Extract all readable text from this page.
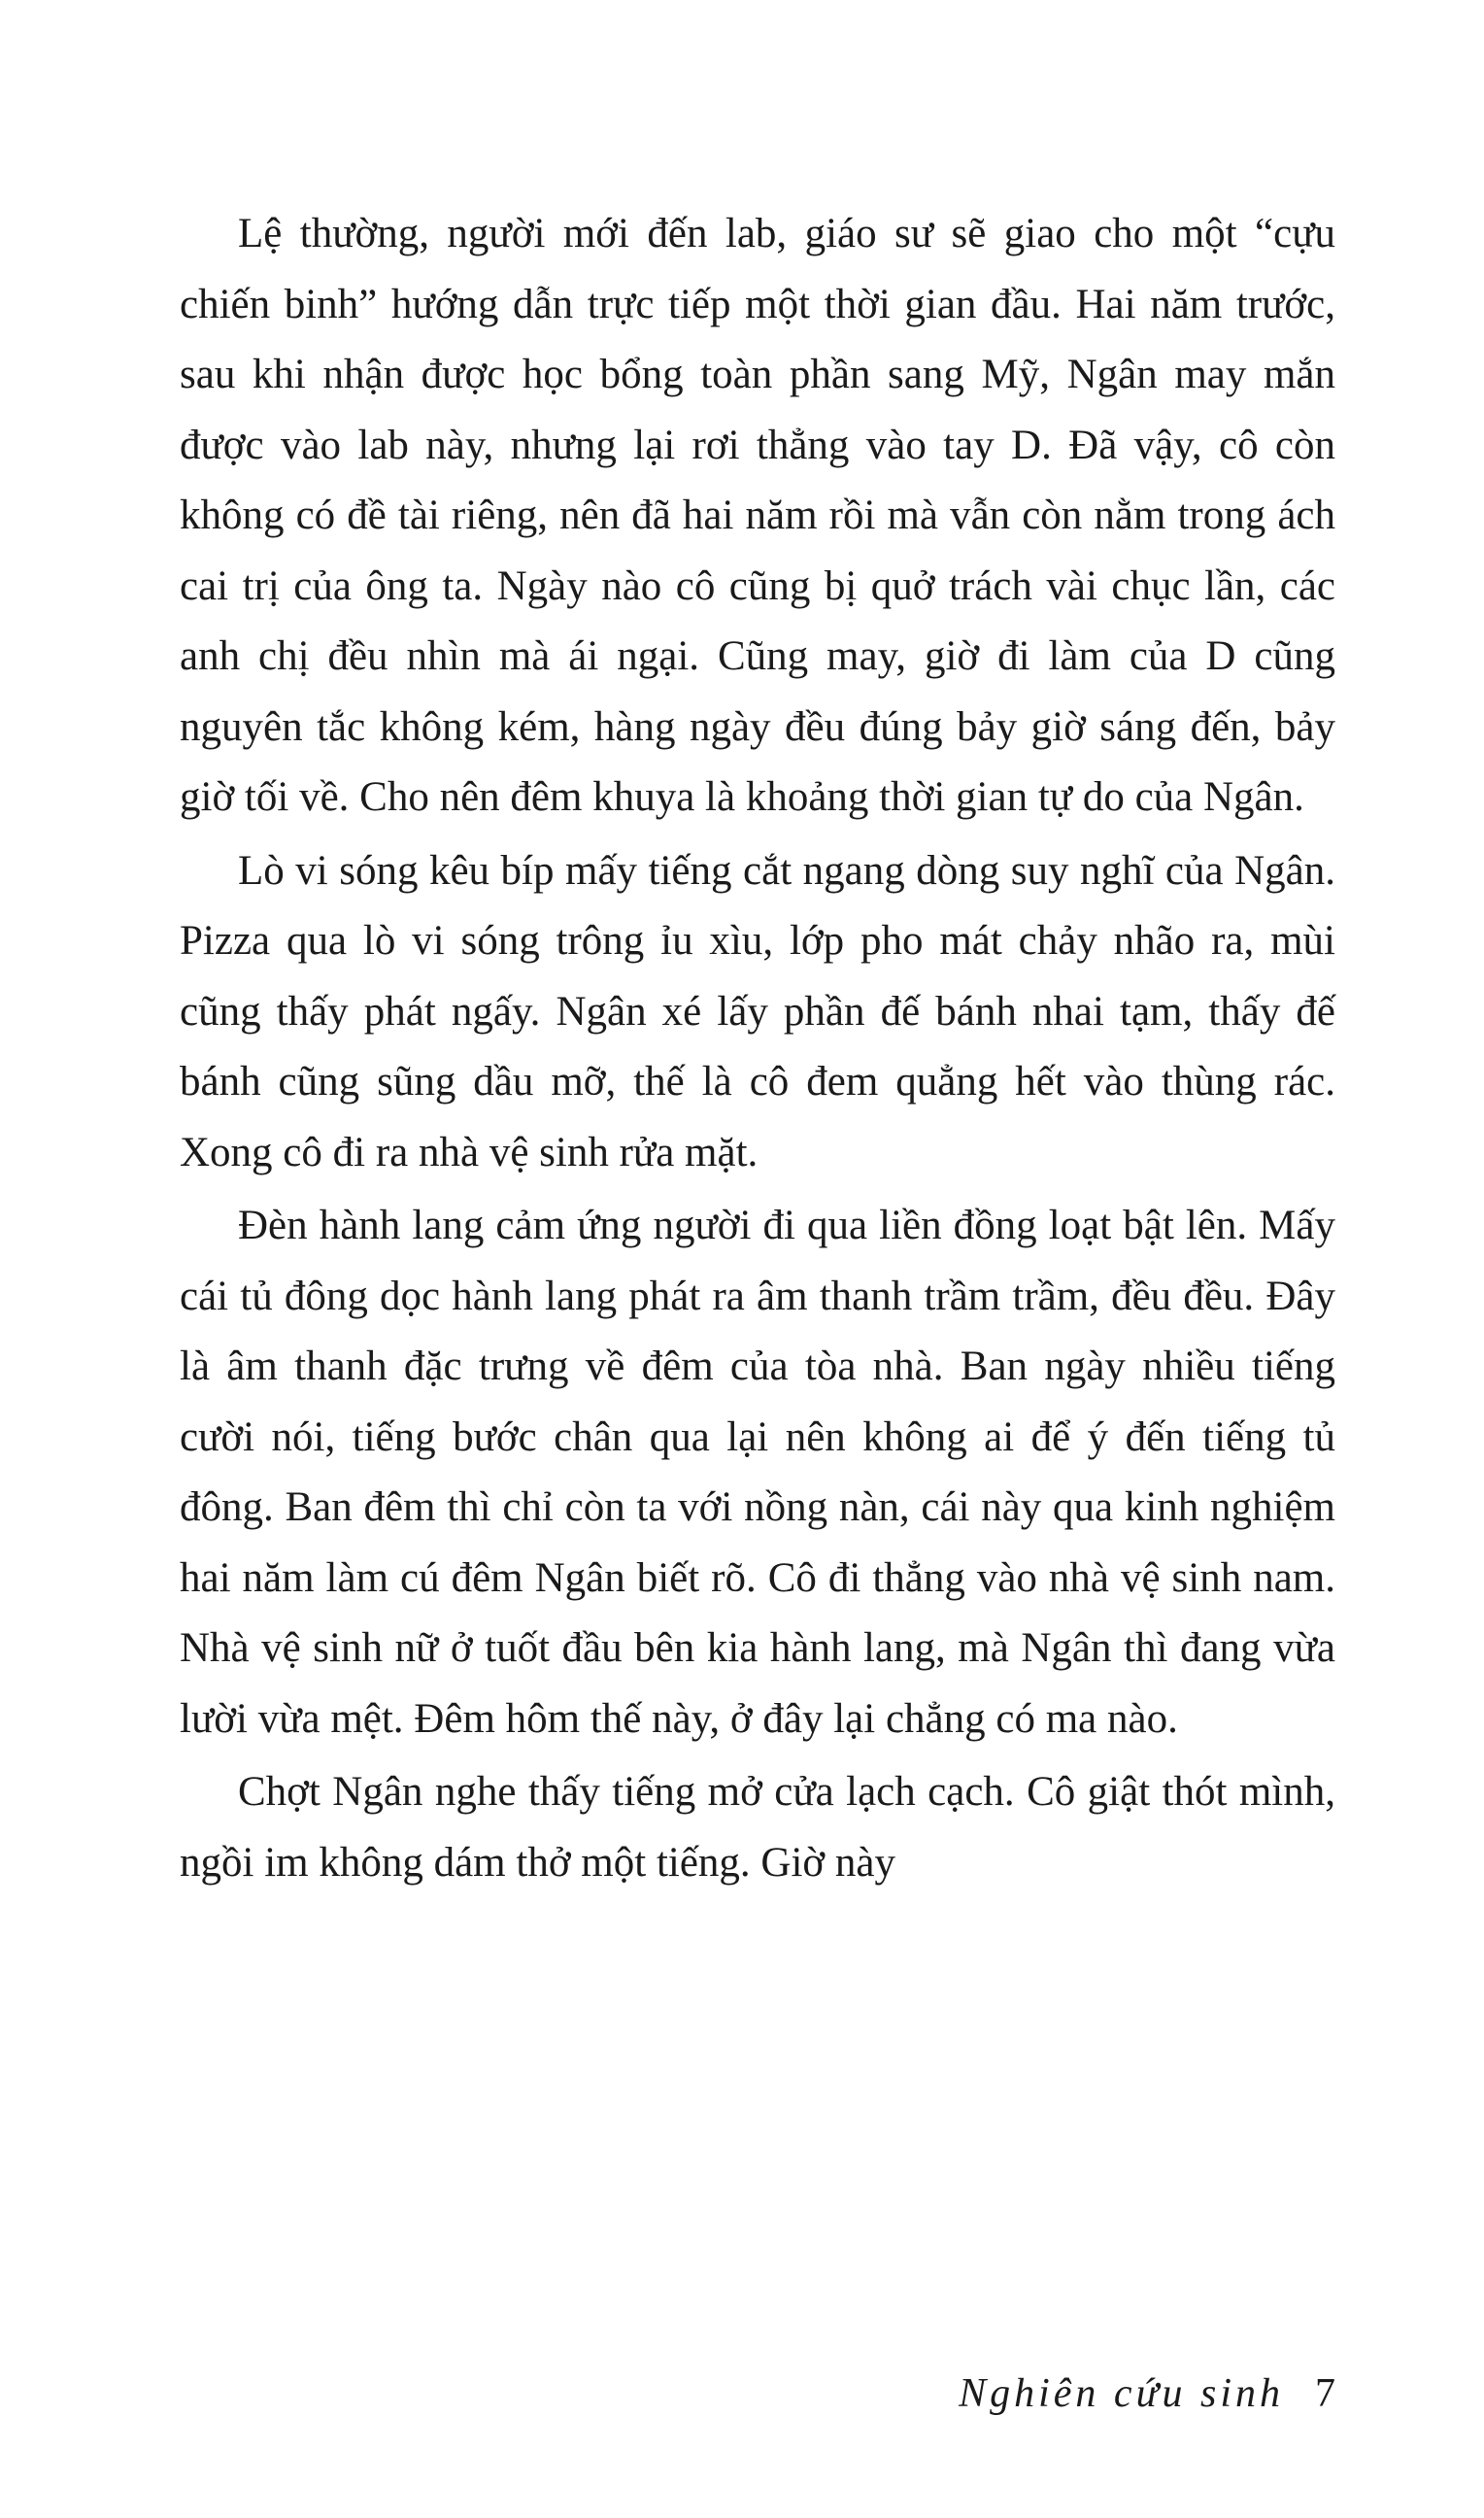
Lệ thường, người mới đến lab, giáo sư sẽ giao cho một “cựu chiến binh” hướng dẫn trực tiếp một thời gian đầu. Hai năm trước, sau khi nhận được học bổng toàn phần sang Mỹ, Ngân may mắn được vào lab này, nhưng lại rơi thẳng vào tay D. Đã vậy, cô còn không có đề tài riêng, nên đã hai năm rồi mà vẫn còn nằm trong ách cai trị của ông ta. Ngày nào cô cũng bị quở trách vài chục lần, các anh chị đều nhìn mà ái ngại. Cũng may, giờ đi làm của D cũng nguyên tắc không kém, hàng ngày đều đúng bảy giờ sáng đến, bảy giờ tối về. Cho nên đêm khuya là khoảng thời gian tự do của Ngân.

Lò vi sóng kêu bíp mấy tiếng cắt ngang dòng suy nghĩ của Ngân. Pizza qua lò vi sóng trông ỉu xìu, lớp pho mát chảy nhão ra, mùi cũng thấy phát ngấy. Ngân xé lấy phần đế bánh nhai tạm, thấy đế bánh cũng sũng dầu mỡ, thế là cô đem quẳng hết vào thùng rác. Xong cô đi ra nhà vệ sinh rửa mặt.

Đèn hành lang cảm ứng người đi qua liền đồng loạt bật lên. Mấy cái tủ đông dọc hành lang phát ra âm thanh trầm trầm, đều đều. Đây là âm thanh đặc trưng về đêm của tòa nhà. Ban ngày nhiều tiếng cười nói, tiếng bước chân qua lại nên không ai để ý đến tiếng tủ đông. Ban đêm thì chỉ còn ta với nồng nàn, cái này qua kinh nghiệm hai năm làm cú đêm Ngân biết rõ. Cô đi thẳng vào nhà vệ sinh nam. Nhà vệ sinh nữ ở tuốt đầu bên kia hành lang, mà Ngân thì đang vừa lười vừa mệt. Đêm hôm thế này, ở đây lại chẳng có ma nào.

Chợt Ngân nghe thấy tiếng mở cửa lạch cạch. Cô giật thót mình, ngồi im không dám thở một tiếng. Giờ này

Nghiên cứu sinh 7
